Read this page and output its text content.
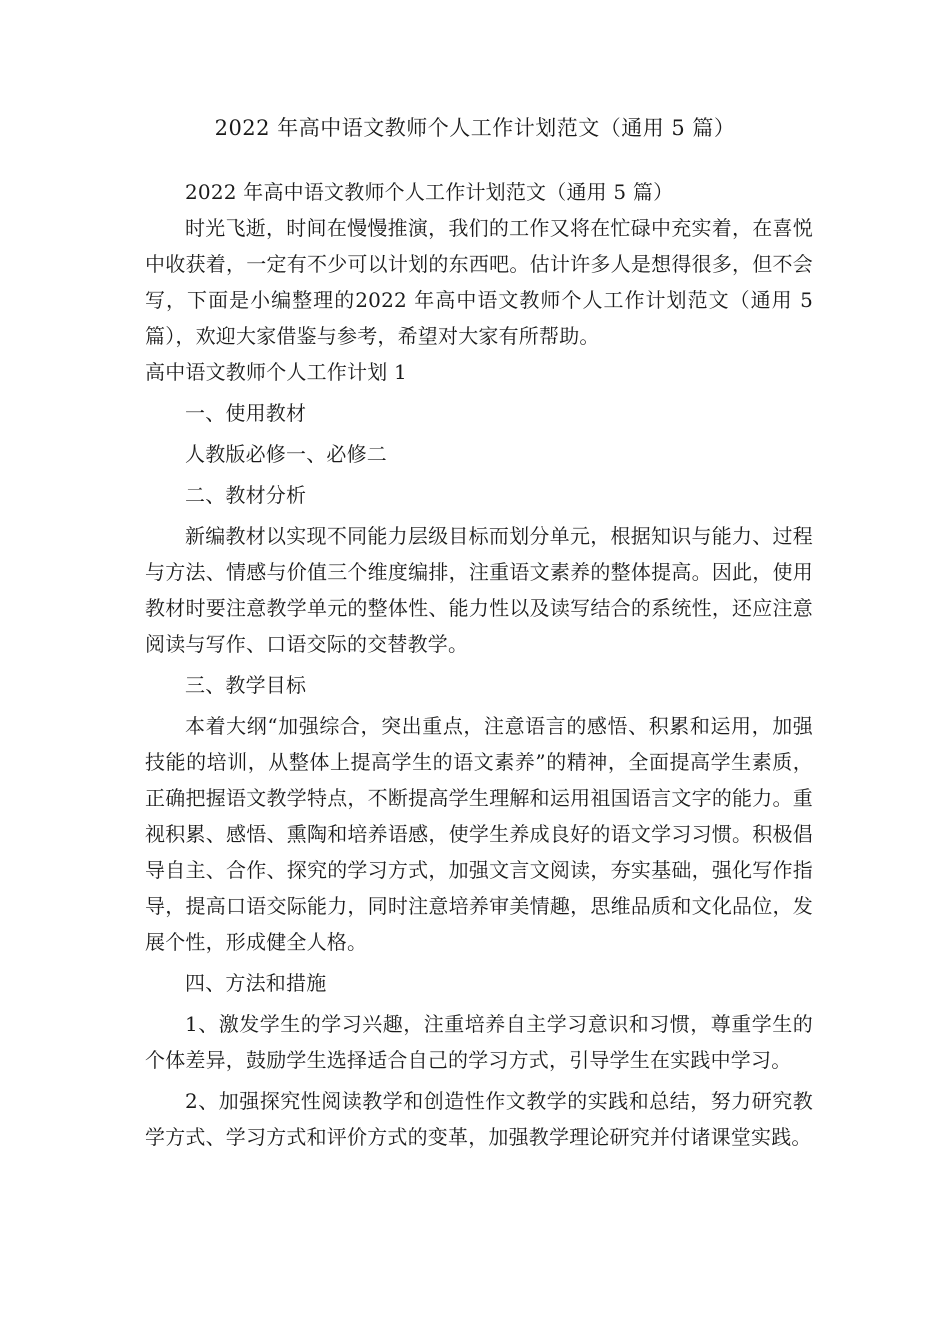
2022 年高中语文教师个人工作计划范文（通用 5 篇）

2022 年高中语文教师个人工作计划范文（通用 5 篇）

时光飞逝，时间在慢慢推演，我们的工作又将在忙碌中充实着，在喜悦中收获着，一定有不少可以计划的东西吧。估计许多人是想得很多，但不会写，下面是小编整理的2022 年高中语文教师个人工作计划范文（通用 5 篇），欢迎大家借鉴与参考，希望对大家有所帮助。

高中语文教师个人工作计划 1

一、使用教材

人教版必修一、必修二

二、教材分析

新编教材以实现不同能力层级目标而划分单元，根据知识与能力、过程与方法、情感与价值三个维度编排，注重语文素养的整体提高。因此，使用教材时要注意教学单元的整体性、能力性以及读写结合的系统性，还应注意阅读与写作、口语交际的交替教学。

三、教学目标

本着大纲“加强综合，突出重点，注意语言的感悟、积累和运用，加强技能的培训，从整体上提高学生的语文素养”的精神，全面提高学生素质，正确把握语文教学特点，不断提高学生理解和运用祖国语言文字的能力。重视积累、感悟、熏陶和培养语感，使学生养成良好的语文学习习惯。积极倡导自主、合作、探究的学习方式，加强文言文阅读，夯实基础，强化写作指导，提高口语交际能力，同时注意培养审美情趣，思维品质和文化品位，发展个性，形成健全人格。

四、方法和措施

1、激发学生的学习兴趣，注重培养自主学习意识和习惯，尊重学生的个体差异，鼓励学生选择适合自己的学习方式，引导学生在实践中学习。

2、加强探究性阅读教学和创造性作文教学的实践和总结，努力研究教学方式、学习方式和评价方式的变革，加强教学理论研究并付诸课堂实践。
